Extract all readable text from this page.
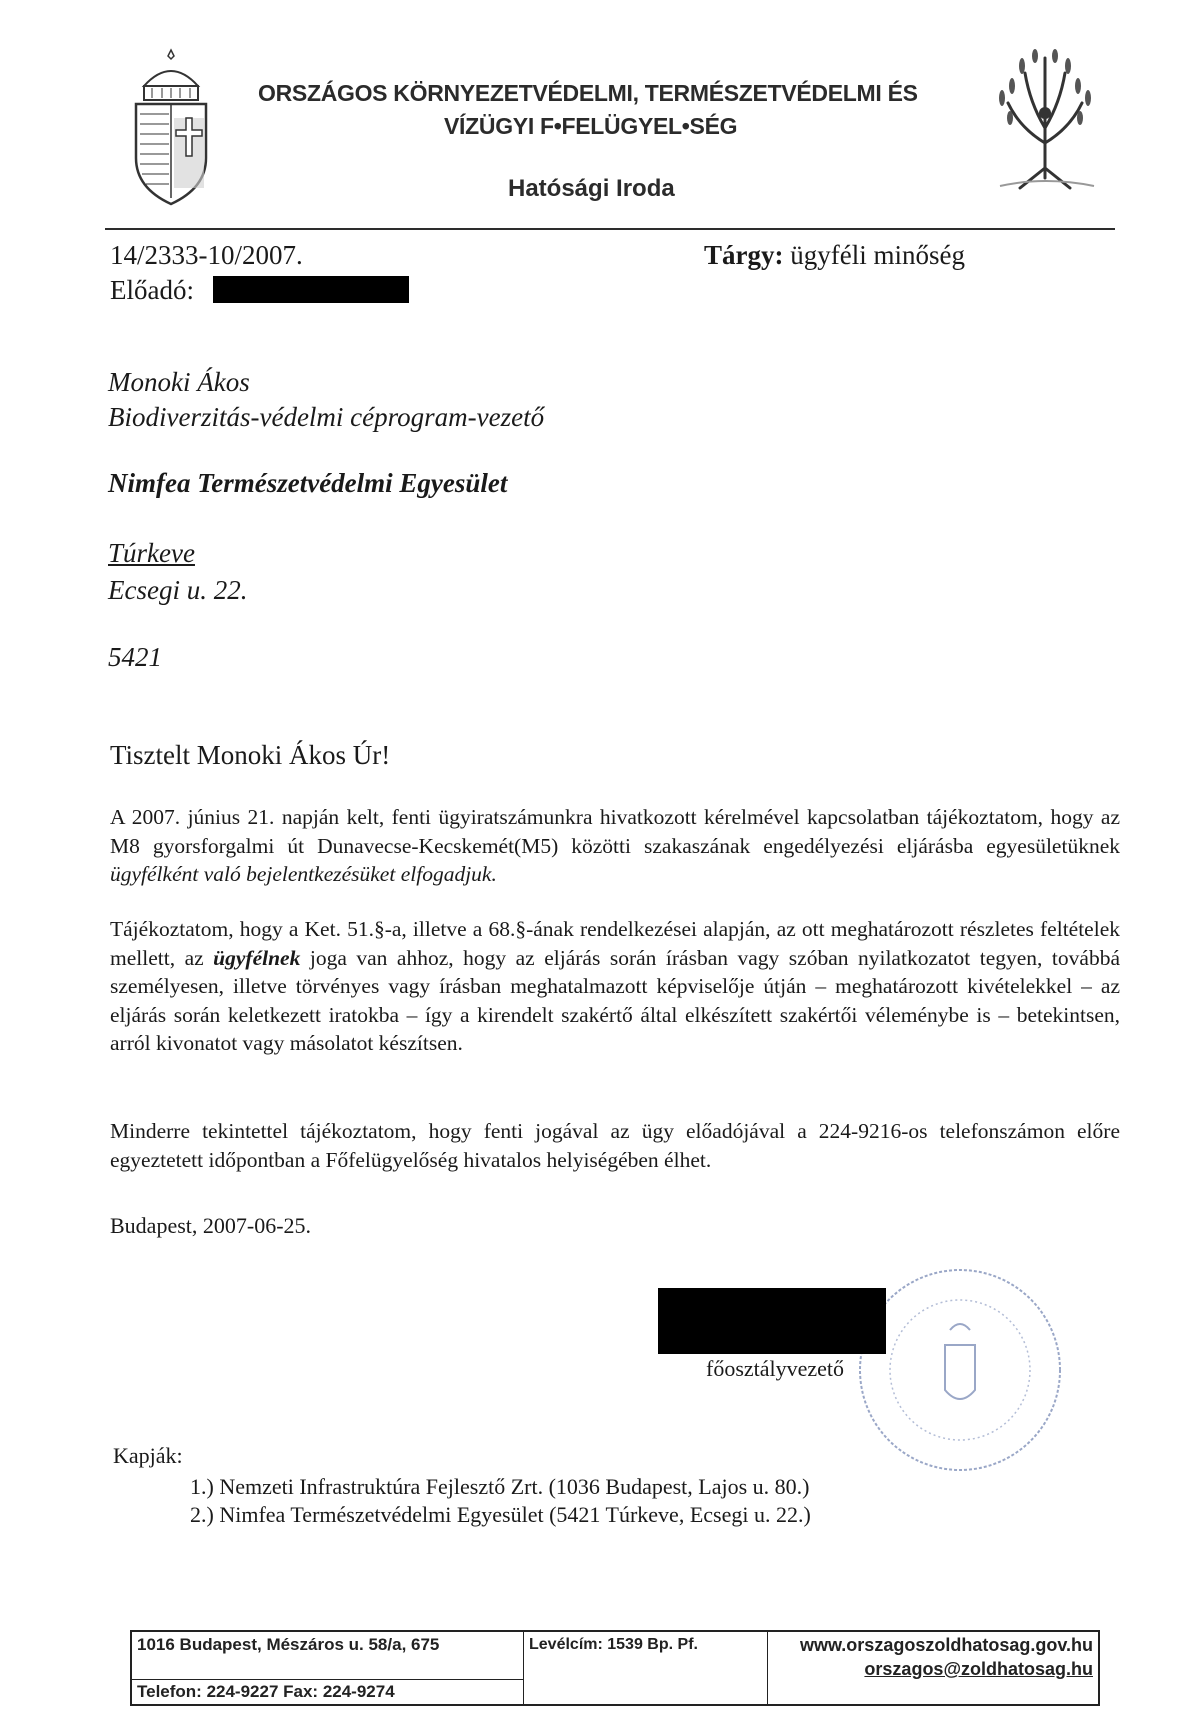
ORSZÁGOS KÖRNYEZETVÉDELMI, TERMÉSZETVÉDELMI ÉS
VÍZÜGYI F•FELÜGYEL•SÉG
Hatósági Iroda
14/2333-10/2007.	Tárgy: ügyféli minőség
Előadó:
Monoki Ákos
Biodiverzitás-védelmi céprogram-vezető
Nimfea Természetvédelmi Egyesület
Túrkeve
Ecsegi u. 22.
5421
Tisztelt Monoki Ákos Úr!
A 2007. június 21. napján kelt, fenti ügyiratszámunkra hivatkozott kérelmével kapcsolatban tájékoztatom, hogy az M8 gyorsforgalmi út Dunavecse-Kecskemét(M5) közötti szakaszának engedélyezési eljárásba egyesületüknek ügyfélként való bejelentkezésüket elfogadjuk.
Tájékoztatom, hogy a Ket. 51.§-a, illetve a 68.§-ának rendelkezései alapján, az ott meghatározott részletes feltételek mellett, az ügyfélnek joga van ahhoz, hogy az eljárás során írásban vagy szóban nyilatkozatot tegyen, továbbá személyesen, illetve törvényes vagy írásban meghatalmazott képviselője útján – meghatározott kivételekkel – az eljárás során keletkezett iratokba – így a kirendelt szakértő által elkészített szakértői véleménybe is – betekintsen, arról kivonatot vagy másolatot készítsen.
Minderre tekintettel tájékoztatom, hogy fenti jogával az ügy előadójával a 224-9216-os telefonszámon előre egyeztetett időpontban a Főfelügyelőség hivatalos helyiségében élhet.
Budapest, 2007-06-25.
főosztályvezető
Kapják:
1.) Nemzeti Infrastruktúra Fejlesztő Zrt. (1036 Budapest, Lajos u. 80.)
2.) Nimfea Természetvédelmi Egyesület (5421 Túrkeve, Ecsegi u. 22.)
1016 Budapest, Mészáros u. 58/a, 675
Telefon: 224-9227 Fax: 224-9274
Levélcím: 1539 Bp. Pf.	www.orszagoszoldhatosag.gov.hu
orszagos@zoldhatosag.hu
